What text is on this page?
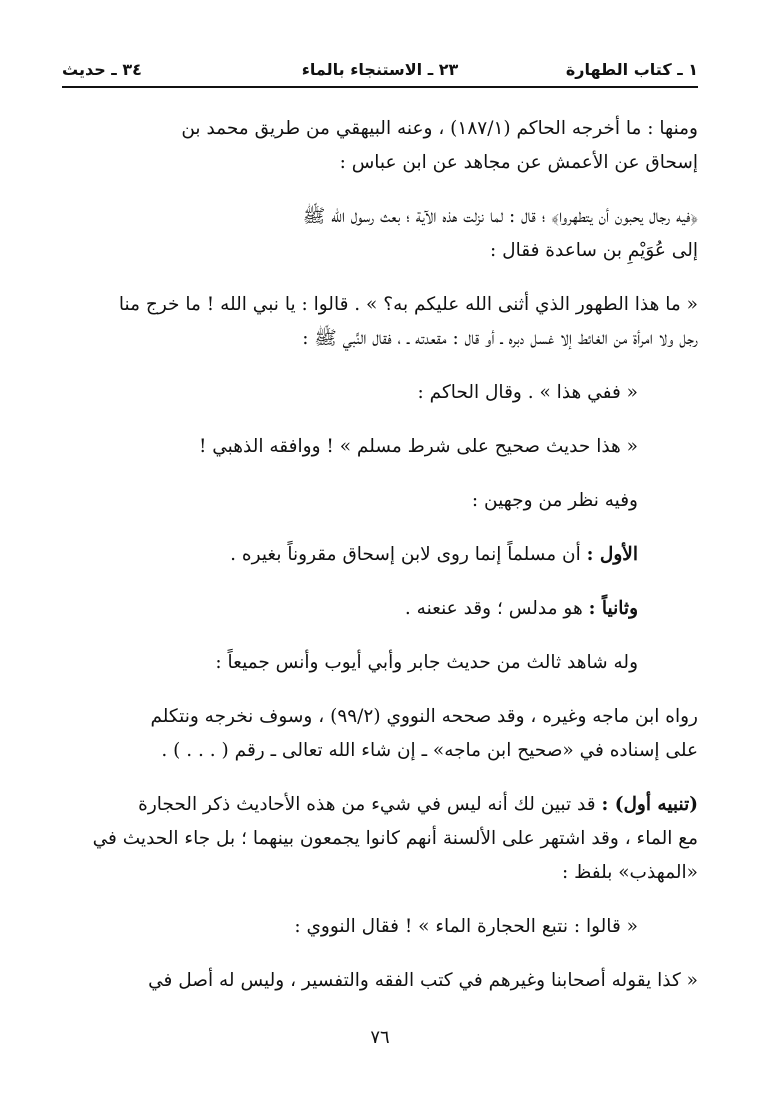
١ ـ كتاب الطهارة
٢٣ ـ الاستنجاء بالماء
٣٤ ـ حديث

ومنها : ما أخرجه الحاكم (١٨٧/١) ، وعنه البيهقي من طريق محمد بن
إسحاق عن الأعمش عن مجاهد عن ابن عباس :

﴿فيه رجال يحبون أن يتطهروا﴾ ؛ قال : لما نزلت هذه الآية ؛ بعث رسول الله ﷺ
إلى عُوَيْمِ بن ساعدة فقال :

« ما هذا الطهور الذي أثنى الله عليكم به؟ » . قالوا : يا نبي الله ! ما خرج منا
رجل ولا امرأة من الغائط إلا غسل دبره ـ أو قال : مقعدته ـ ، فقال النَّبي ﷺ :

« ففي هذا » . وقال الحاكم :

« هذا حديث صحيح على شرط مسلم » ! ووافقه الذهبي !

وفيه نظر من وجهين :

الأول : أن مسلماً إنما روى لابن إسحاق مقروناً بغيره .

وثانياً : هو مدلس ؛ وقد عنعنه .

وله شاهد ثالث من حديث جابر وأبي أيوب وأنس جميعاً :

رواه ابن ماجه وغيره ، وقد صححه النووي (٩٩/٢) ، وسوف نخرجه ونتكلم
على إسناده في «صحيح ابن ماجه» ـ إن شاء الله تعالى ـ رقم ( . . . ) .

(تنبيه أول) : قد تبين لك أنه ليس في شيء من هذه الأحاديث ذكر الحجارة
مع الماء ، وقد اشتهر على الألسنة أنهم كانوا يجمعون بينهما ؛ بل جاء الحديث في
«المهذب» بلفظ :

« قالوا : نتبع الحجارة الماء » ! فقال النووي :

« كذا يقوله أصحابنا وغيرهم في كتب الفقه والتفسير ، وليس له أصل في

٧٦
